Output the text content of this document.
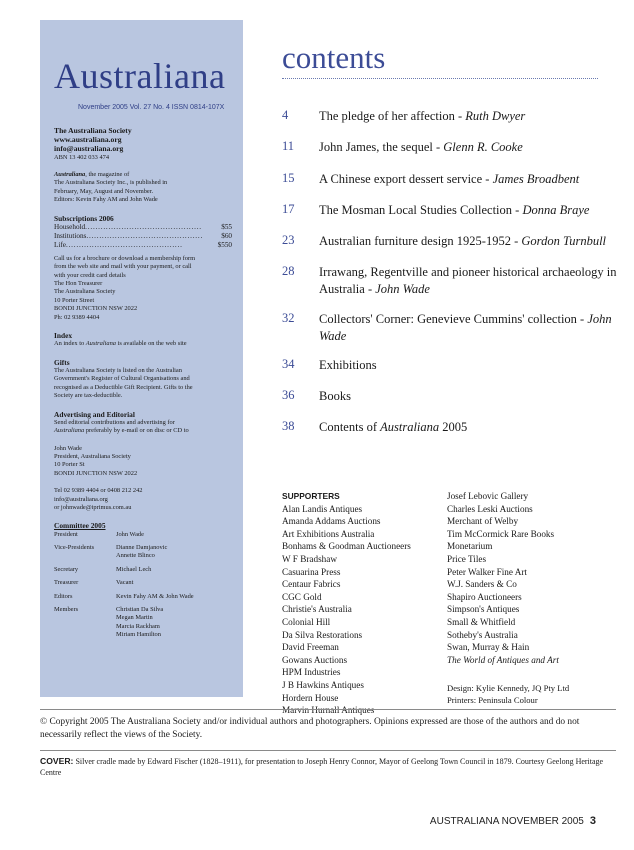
Australiana
November 2005 Vol. 27 No. 4 ISSN 0814-107X
The Australiana Society
www.australiana.org
info@australiana.org
ABN 13 402 033 474
Australiana, the magazine of
The Australiana Society Inc., is published in
February, May, August and November.
Editors: Kevin Fahy AM and John Wade
Subscriptions 2006
Household . . .	$55
Institutions . . .	$60
Life . . .	$550
Call us for a brochure or download a membership form
from the web site and mail with your payment, or call
with your credit card details
The Hon Treasurer
The Australiana Society
10 Porter Street
BONDI JUNCTION NSW 2022
Ph: 02 9389 4404
Index
An index to Australiana is available on the web site
Gifts
The Australiana Society is listed on the Australian
Government's Register of Cultural Organisations and
recognised as a Deductible Gift Recipient. Gifts to the
Society are tax-deductible.
Advertising and Editorial
Send editorial contributions and advertising for
Australiana preferably by e-mail or on disc or CD to
John Wade
President, Australiana Society
10 Porter St
BONDI JUNCTION NSW 2022
Tel 02 9389 4404 or 0408 212 242
info@australiana.org
or johnwade@iprimus.com.au
Committee 2005
President	John Wade
Vice-Presidents	Dianne Damjanovic
Annette Blinco
Secretary	Michael Lech
Treasurer	Vacant
Editors	Kevin Fahy AM & John Wade
Members	Christian Da Silva
Megan Martin
Marcia Rackham
Miriam Hamilton
contents
4 The pledge of her affection - Ruth Dwyer
11 John James, the sequel - Glenn R. Cooke
15 A Chinese export dessert service - James Broadbent
17 The Mosman Local Studies Collection - Donna Braye
23 Australian furniture design 1925-1952 - Gordon Turnbull
28 Irrawang, Regentville and pioneer historical archaeology in Australia - John Wade
32 Collectors' Corner: Genevieve Cummins' collection - John Wade
34 Exhibitions
36 Books
38 Contents of Australiana 2005
SUPPORTERS
Alan Landis Antiques
Amanda Addams Auctions
Art Exhibitions Australia
Bonhams & Goodman Auctioneers
W F Bradshaw
Casuarina Press
Centaur Fabrics
CGC Gold
Christie's Australia
Colonial Hill
Da Silva Restorations
David Freeman
Gowans Auctions
HPM Industries
J B Hawkins Antiques
Hordern House
Marvin Hurnall Antiques
Josef Lebovic Gallery
Charles Leski Auctions
Merchant of Welby
Tim McCormick Rare Books
Monetarium
Price Tiles
Peter Walker Fine Art
W.J. Sanders & Co
Shapiro Auctioneers
Simpson's Antiques
Small & Whitfield
Sotheby's Australia
Swan, Murray & Hain
The World of Antiques and Art
Design: Kylie Kennedy, JQ Pty Ltd
Printers: Peninsula Colour
© Copyright 2005 The Australiana Society and/or individual authors and photographers. Opinions expressed are those of the authors and do not necessarily reflect the views of the Society.
COVER: Silver cradle made by Edward Fischer (1828–1911), for presentation to Joseph Henry Connor, Mayor of Geelong Town Council in 1879. Courtesy Geelong Heritage Centre
AUSTRALIANA NOVEMBER 2005 3
